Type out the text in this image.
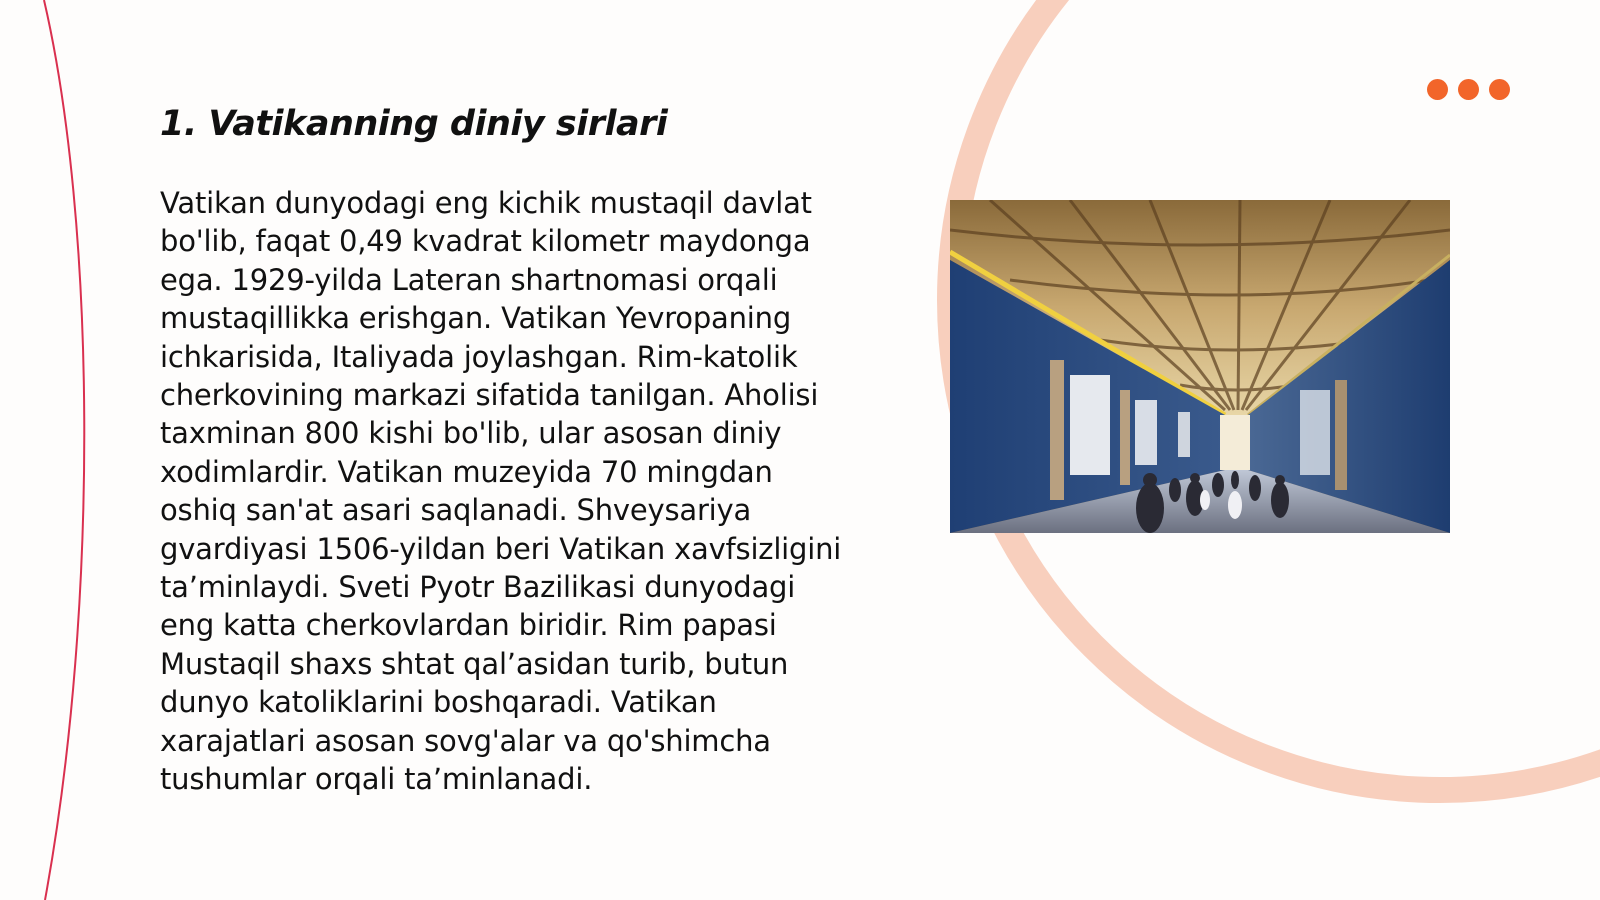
1. Vatikanning diniy sirlari

Vatikan dunyodagi eng kichik mustaqil davlat bo'lib, faqat 0,49 kvadrat kilometr maydonga ega. 1929-yilda Lateran shartnomasi orqali mustaqillikka erishgan. Vatikan Yevropaning ichkarisida, Italiyada joylashgan. Rim-katolik cherkovining markazi sifatida tanilgan. Aholisi taxminan 800 kishi bo'lib, ular asosan diniy xodimlardir. Vatikan muzeyida 70 mingdan oshiq san'at asari saqlanadi. Shveysariya gvardiyasi 1506-yildan beri Vatikan xavfsizligini ta’minlaydi. Sveti Pyotr Bazilikasi dunyodagi eng katta cherkovlardan biridir. Rim papasi Mustaqil shaxs shtat qal’asidan turib, butun dunyo katoliklarini boshqaradi. Vatikan xarajatlari asosan sovg'alar va qo'shimcha tushumlar orqali ta’minlanadi.
